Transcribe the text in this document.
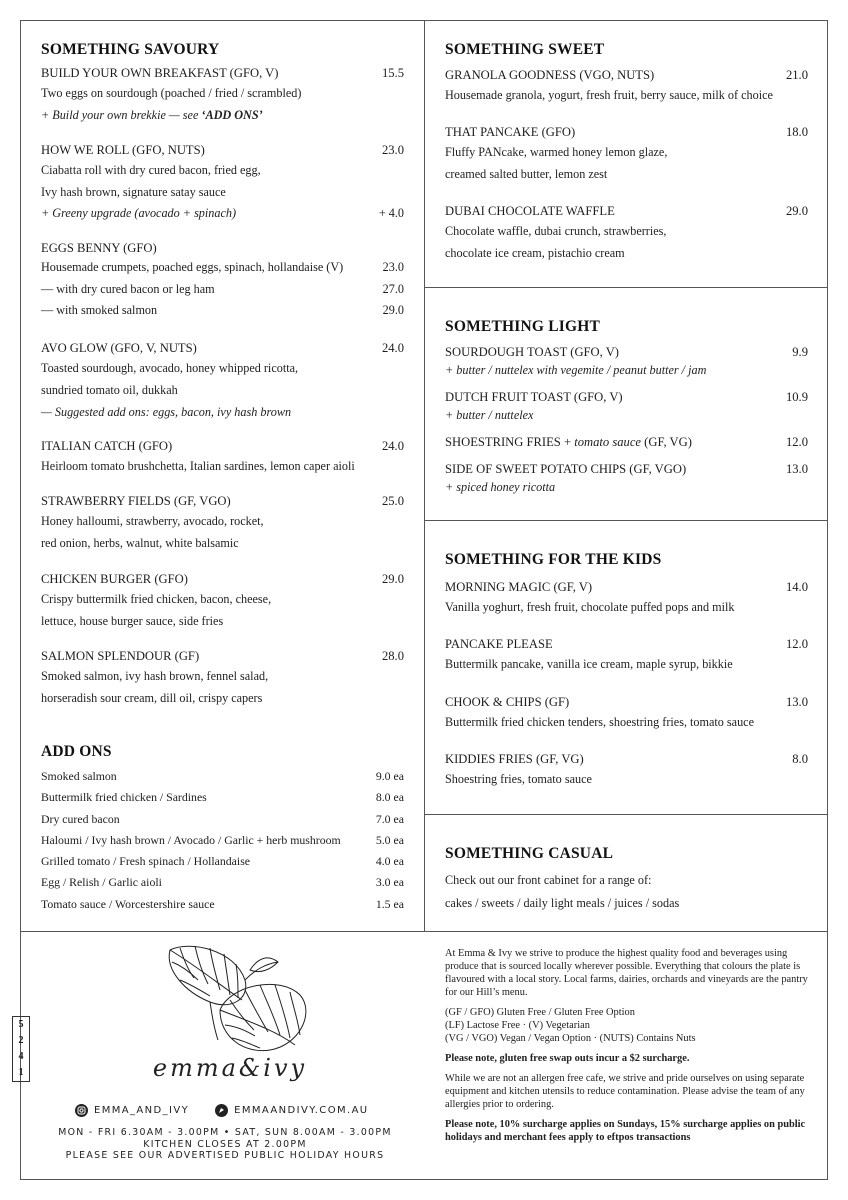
SOMETHING SAVOURY
BUILD YOUR OWN BREAKFAST (GFO, V)	15.5
Two eggs on sourdough (poached / fried / scrambled)
+ Build your own brekkie — see ‘ADD ONS’
HOW WE ROLL (GFO, NUTS)	23.0
Ciabatta roll with dry cured bacon, fried egg,
Ivy hash brown, signature satay sauce
+ Greeny upgrade (avocado + spinach)	+ 4.0
EGGS BENNY (GFO)
Housemade crumpets, poached eggs, spinach, hollandaise (V)	23.0
— with dry cured bacon or leg ham	27.0
— with smoked salmon	29.0
AVO GLOW (GFO, V, NUTS)	24.0
Toasted sourdough, avocado, honey whipped ricotta,
sundried tomato oil, dukkah
— Suggested add ons: eggs, bacon, ivy hash brown
ITALIAN CATCH (GFO)	24.0
Heirloom tomato brushchetta, Italian sardines, lemon caper aioli
STRAWBERRY FIELDS (GF, VGO)	25.0
Honey halloumi, strawberry, avocado, rocket,
red onion, herbs, walnut, white balsamic
CHICKEN BURGER (GFO)	29.0
Crispy buttermilk fried chicken, bacon, cheese,
lettuce, house burger sauce, side fries
SALMON SPLENDOUR (GF)	28.0
Smoked salmon, ivy hash brown, fennel salad,
horseradish sour cream, dill oil, crispy capers
ADD ONS
Smoked salmon	9.0 ea
Buttermilk fried chicken / Sardines	8.0 ea
Dry cured bacon	7.0 ea
Haloumi / Ivy hash brown / Avocado / Garlic + herb mushroom	5.0 ea
Grilled tomato / Fresh spinach / Hollandaise	4.0 ea
Egg / Relish / Garlic aioli	3.0 ea
Tomato sauce / Worcestershire sauce	1.5 ea
SOMETHING SWEET
GRANOLA GOODNESS (VGO, NUTS)	21.0
Housemade granola, yogurt, fresh fruit, berry sauce, milk of choice
THAT PANCAKE (GFO)	18.0
Fluffy PANcake, warmed honey lemon glaze,
creamed salted butter, lemon zest
DUBAI CHOCOLATE WAFFLE	29.0
Chocolate waffle, dubai crunch, strawberries,
chocolate ice cream, pistachio cream
SOMETHING LIGHT
SOURDOUGH TOAST (GFO, V)	9.9
+ butter / nuttelex with vegemite / peanut butter / jam
DUTCH FRUIT TOAST (GFO, V)	10.9
+ butter / nuttelex
SHOESTRING FRIES + tomato sauce (GF, VG)	12.0
SIDE OF SWEET POTATO CHIPS (GF, VGO)	13.0
+ spiced honey ricotta
SOMETHING FOR THE KIDS
MORNING MAGIC (GF, V)	14.0
Vanilla yoghurt, fresh fruit, chocolate puffed pops and milk
PANCAKE PLEASE	12.0
Buttermilk pancake, vanilla ice cream, maple syrup, bikkie
CHOOK & CHIPS (GF)	13.0
Buttermilk fried chicken tenders, shoestring fries, tomato sauce
KIDDIES FRIES (GF, VG)	8.0
Shoestring fries, tomato sauce
SOMETHING CASUAL
Check out our front cabinet for a range of:
cakes / sweets / daily light meals / juices / sodas
emma&ivy
EMMA_AND_IVY	EMMAANDIVY.COM.AU
MON - FRI 6.30AM - 3.00PM • SAT, SUN 8.00AM - 3.00PM
KITCHEN CLOSES AT 2.00PM
PLEASE SEE OUR ADVERTISED PUBLIC HOLIDAY HOURS

At Emma & Ivy we strive to produce the highest quality food and beverages using produce that is sourced locally wherever possible. Everything that colours the plate is flavoured with a local story. Local farms, dairies, orchards and vineyards are the pantry for our Hill’s menu.

(GF / GFO) Gluten Free / Gluten Free Option
(LF) Lactose Free · (V) Vegetarian
(VG / VGO) Vegan / Vegan Option · (NUTS) Contains Nuts

Please note, gluten free swap outs incur a $2 surcharge.

While we are not an allergen free cafe, we strive and pride ourselves on using separate equipment and kitchen utensils to reduce contamination. Please advise the team of any allergies prior to ordering.

Please note, 10% surcharge applies on Sundays, 15% surcharge applies on public holidays and merchant fees apply to eftpos transactions

5
2
4
1
